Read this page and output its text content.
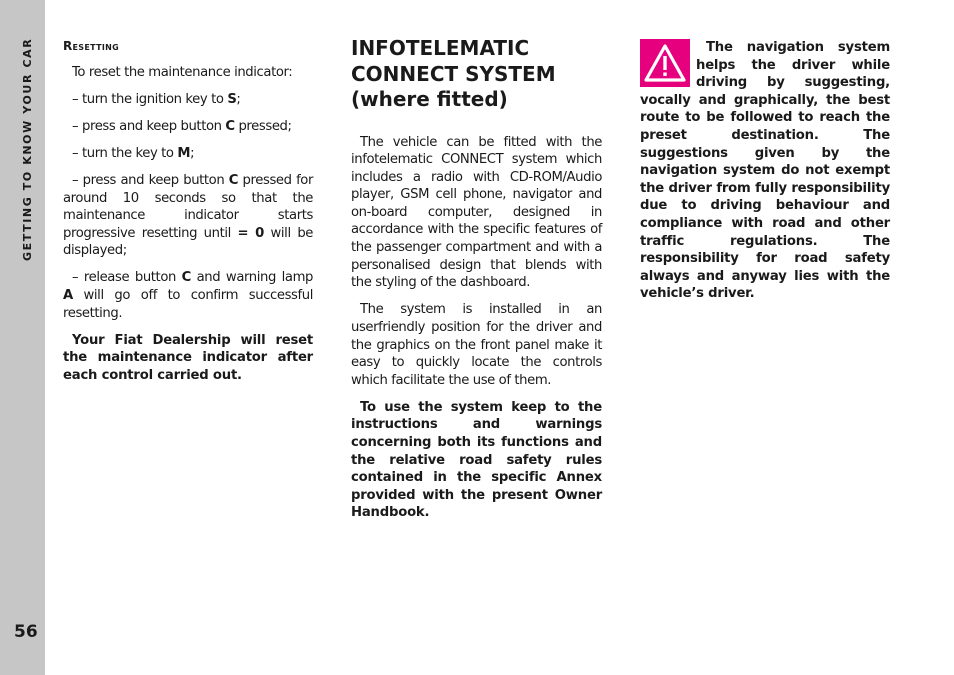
GETTING TO KNOW YOUR CAR
56

Resetting

To reset the maintenance indicator:

– turn the ignition key to S;

– press and keep button C pressed;

– turn the key to M;

– press and keep button C pressed for around 10 seconds so that the maintenance indicator starts progressive resetting until = 0 will be displayed;

– release button C and warning lamp A will go off to confirm successful resetting.

Your Fiat Dealership will reset the maintenance indicator after each control carried out.

INFOTELEMATIC CONNECT SYSTEM (where fitted)

The vehicle can be fitted with the infotelematic CONNECT system which includes a radio with CD-ROM/Audio player, GSM cell phone, navigator and on-board computer, designed in accordance with the specific features of the passenger compartment and with a personalised design that blends with the styling of the dashboard.

The system is installed in an userfriendly position for the driver and the graphics on the front panel make it easy to quickly locate the controls which facilitate the use of them.

To use the system keep to the instructions and warnings concerning both its functions and the relative road safety rules contained in the specific Annex provided with the present Owner Handbook.

The navigation system helps the driver while driving by suggesting, vocally and graphically, the best route to be followed to reach the preset destination. The suggestions given by the navigation system do not exempt the driver from fully responsibility due to driving behaviour and compliance with road and other traffic regulations. The responsibility for road safety always and anyway lies with the vehicle’s driver.
